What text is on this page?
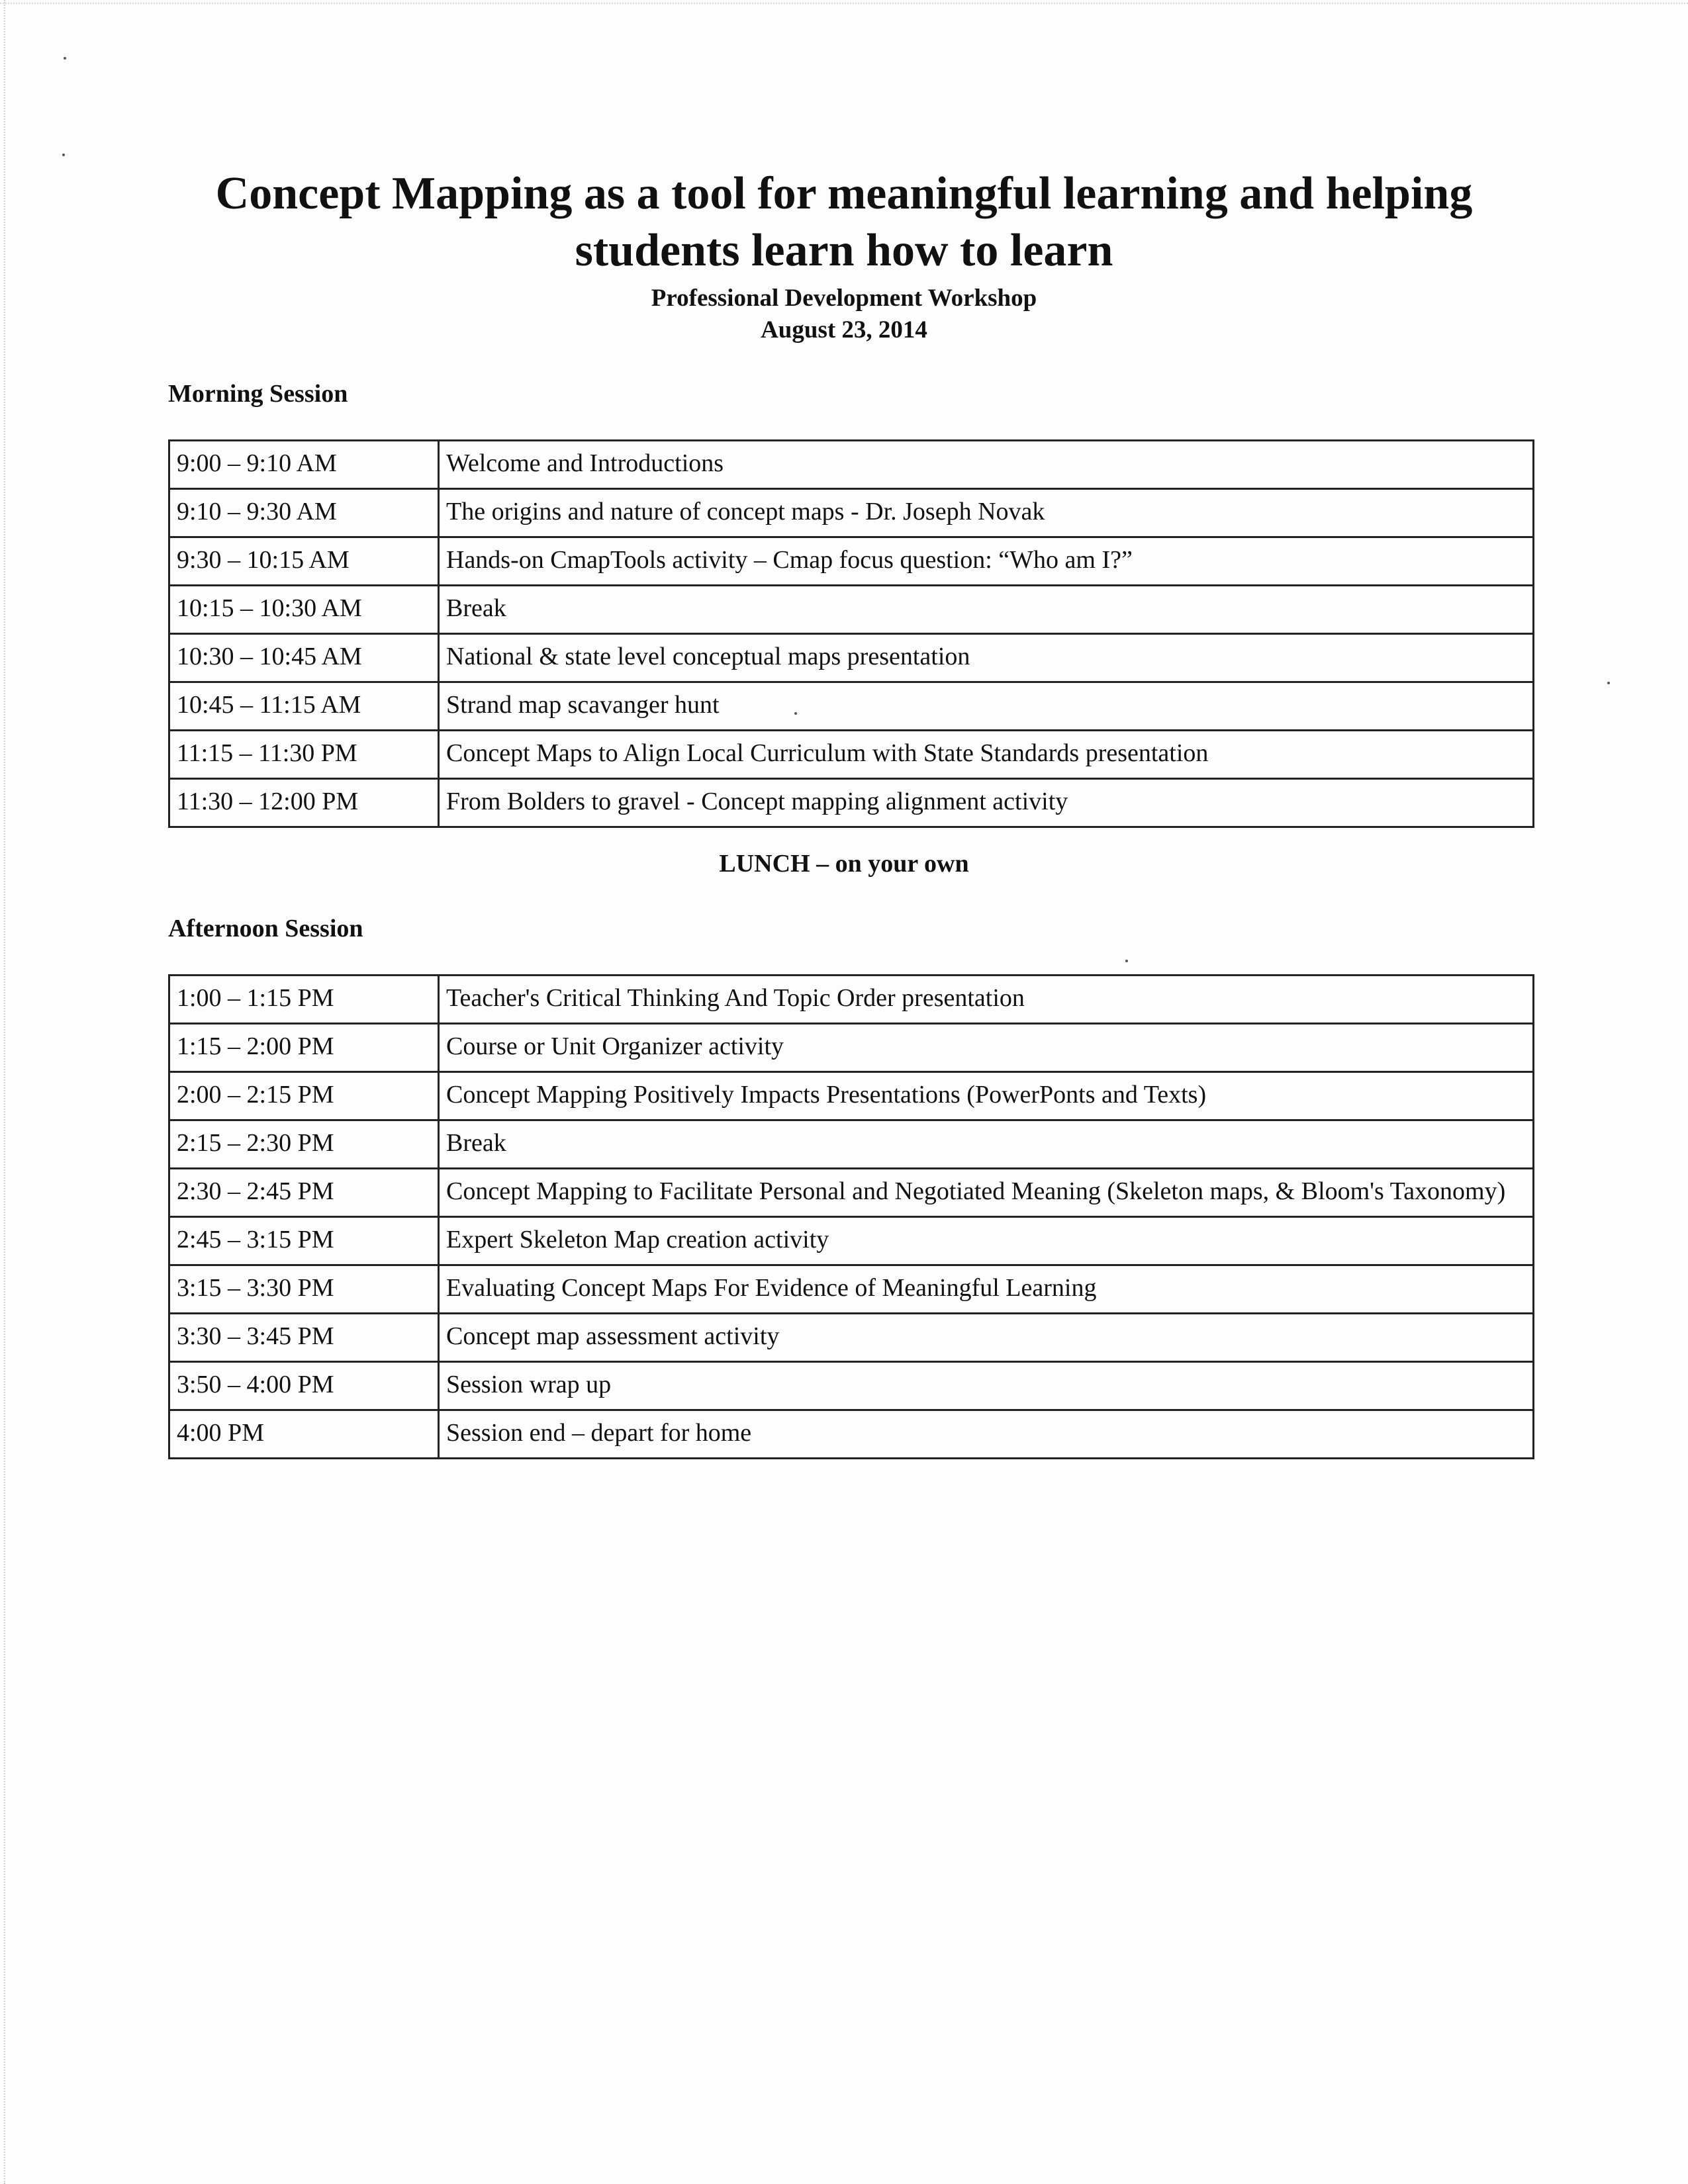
Concept Mapping as a tool for meaningful learning and helping students learn how to learn
Professional Development Workshop
August 23, 2014
Morning Session
9:00 – 9:10 AM	Welcome and Introductions
9:10 – 9:30 AM	The origins and nature of concept maps - Dr. Joseph Novak
9:30 – 10:15 AM	Hands-on CmapTools activity – Cmap focus question: “Who am I?”
10:15 – 10:30 AM	Break
10:30 – 10:45 AM	National & state level conceptual maps presentation
10:45 – 11:15 AM	Strand map scavanger hunt
11:15 – 11:30 PM	Concept Maps to Align Local Curriculum with State Standards presentation
11:30 – 12:00 PM	From Bolders to gravel - Concept mapping alignment activity
LUNCH – on your own
Afternoon Session
1:00 – 1:15 PM	Teacher's Critical Thinking And Topic Order presentation
1:15 – 2:00 PM	Course or Unit Organizer activity
2:00 – 2:15 PM	Concept Mapping Positively Impacts Presentations (PowerPonts and Texts)
2:15 – 2:30 PM	Break
2:30 – 2:45 PM	Concept Mapping to Facilitate Personal and Negotiated Meaning (Skeleton maps, & Bloom's Taxonomy)
2:45 – 3:15 PM	Expert Skeleton Map creation activity
3:15 – 3:30 PM	Evaluating Concept Maps For Evidence of Meaningful Learning
3:30 – 3:45 PM	Concept map assessment activity
3:50 – 4:00 PM	Session wrap up
4:00 PM	Session end – depart for home
